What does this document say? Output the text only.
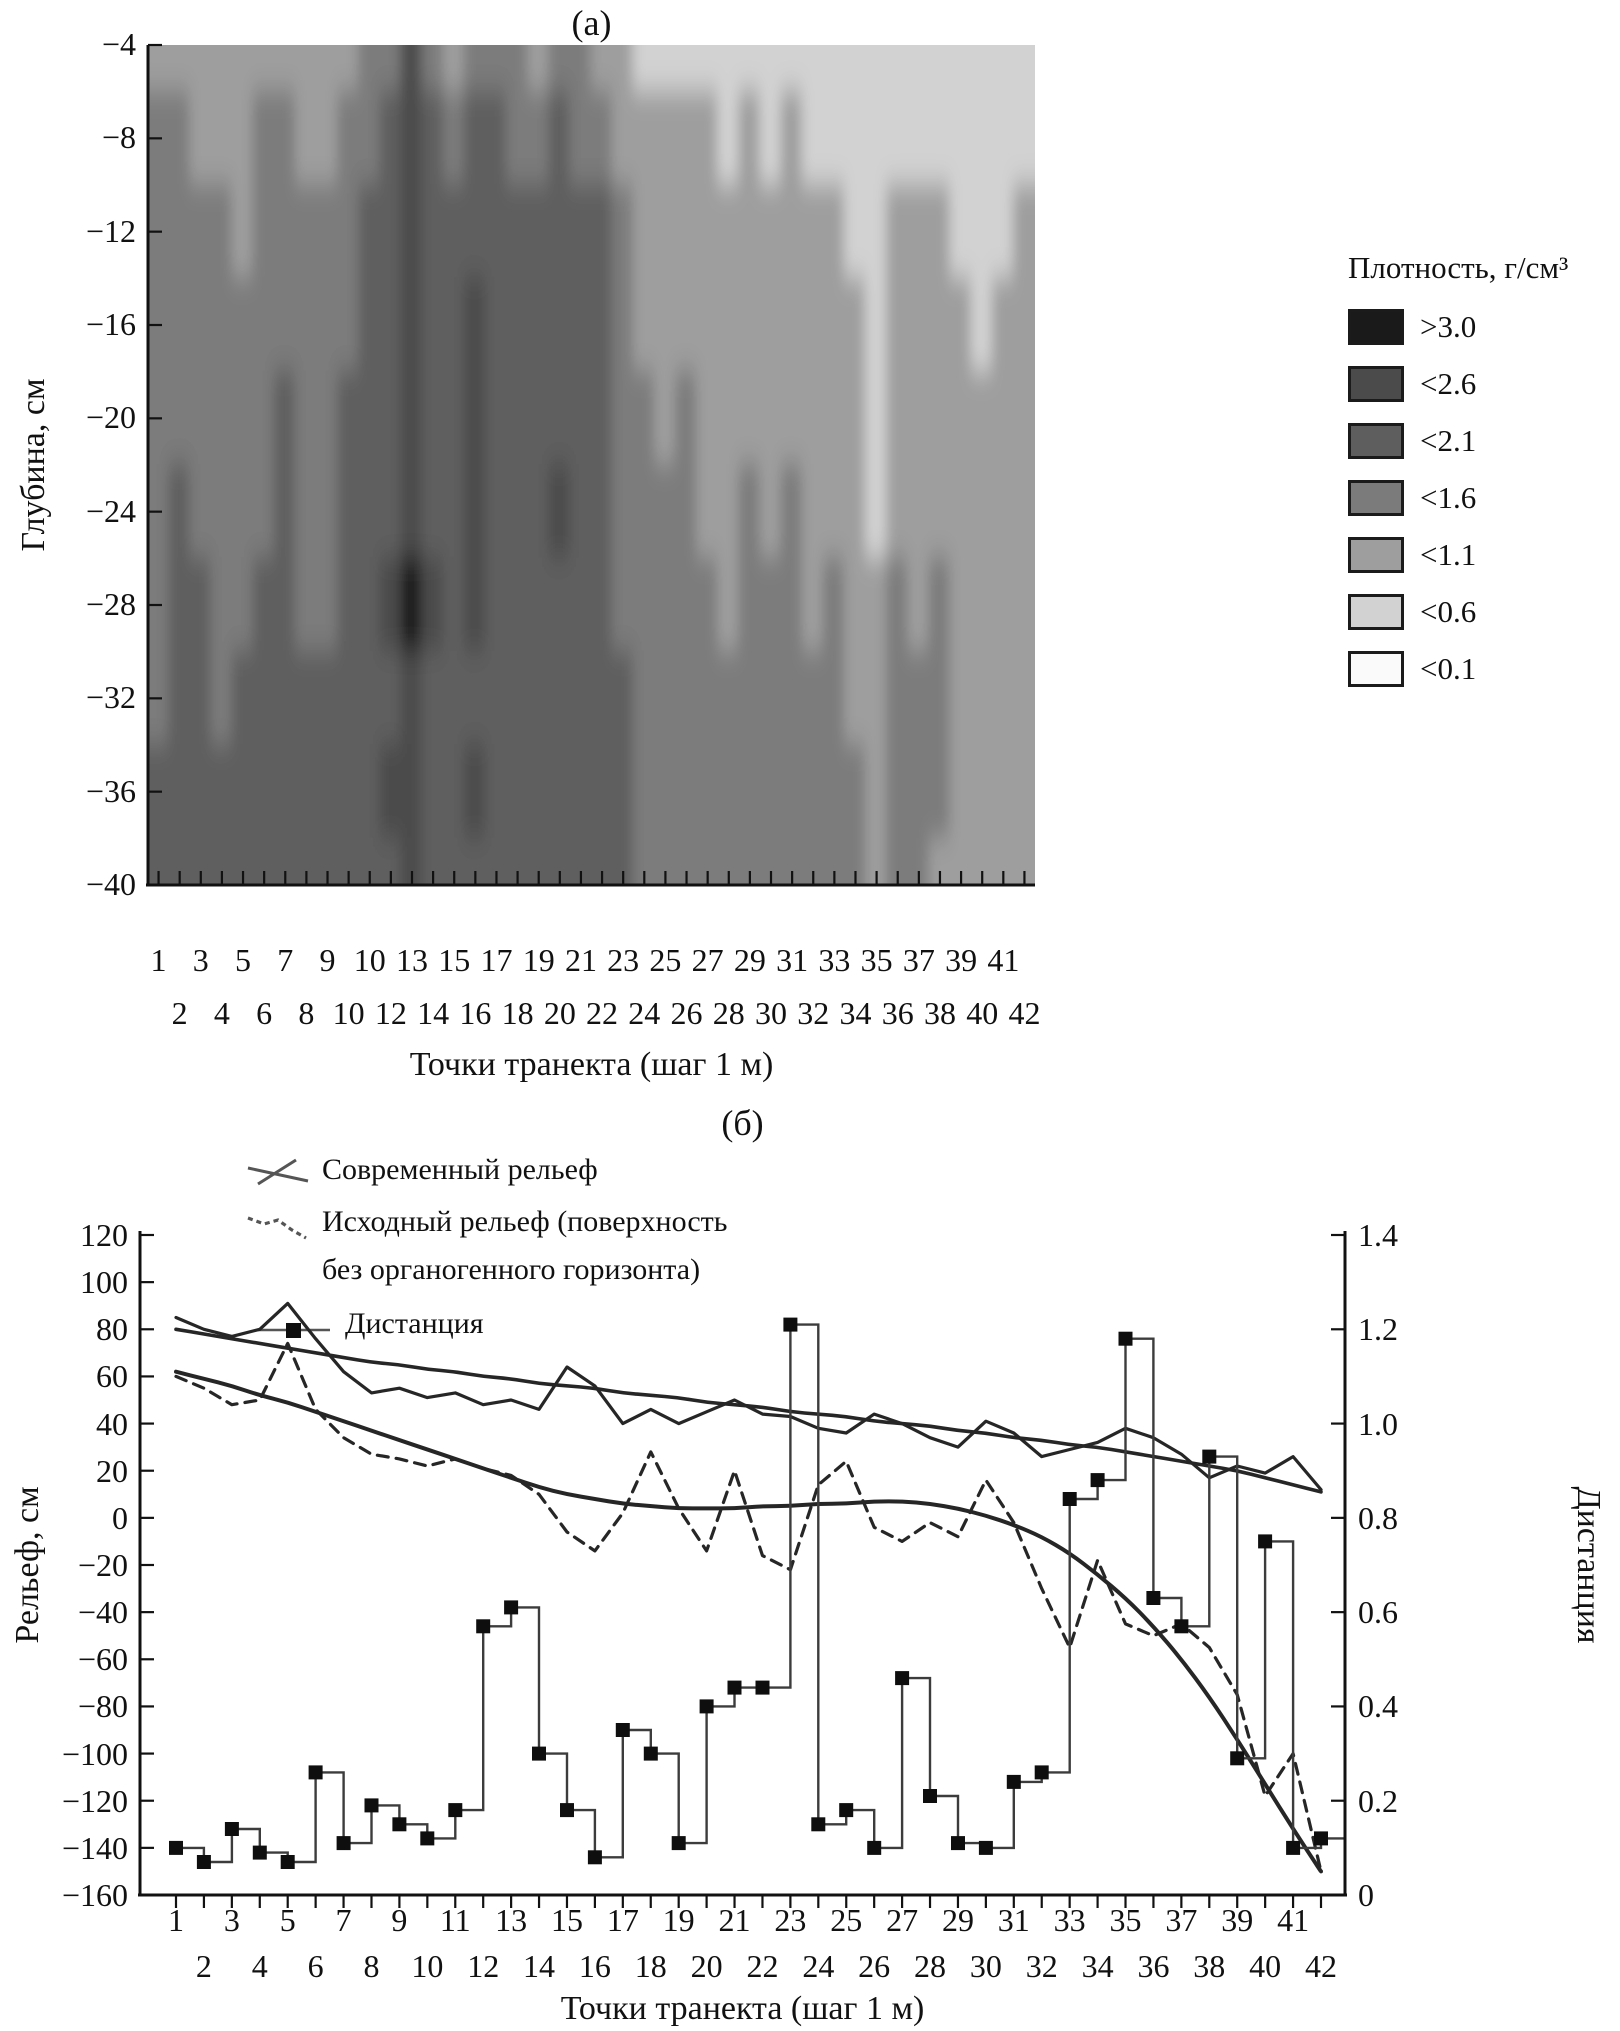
(а)
Глубина, см
−4
−8
−12
−16
−20
−24
−28
−32
−36
−40
1 3 5 7 9 10 13 15 17 19 21 23 25 27 29 31 33 35 37 39 41
2 4 6 8 10 12 14 16 18 20 22 24 26 28 30 32 34 36 38 40 42
Точки транекта (шаг 1 м)
Плотность, г/см³
>3.0
<2.6
<2.1
<1.6
<1.1
<0.6
<0.1
(б)
Современный рельеф
Исходный рельеф (поверхность
без органогенного горизонта)
Дистанция
Рельеф, см	Дистанция
120
100
80
60
40
20
0
−20
−40
−60
−80
−100
−120
−140
−160
1.4
1.2
1.0
0.8
0.6
0.4
0.2
0
1 3 5 7 9 11 13 15 17 19 21 23 25 27 29 31 33 35 37 39 41
2 4 6 8 10 12 14 16 18 20 22 24 26 28 30 32 34 36 38 40 42
Точки транекта (шаг 1 м)
